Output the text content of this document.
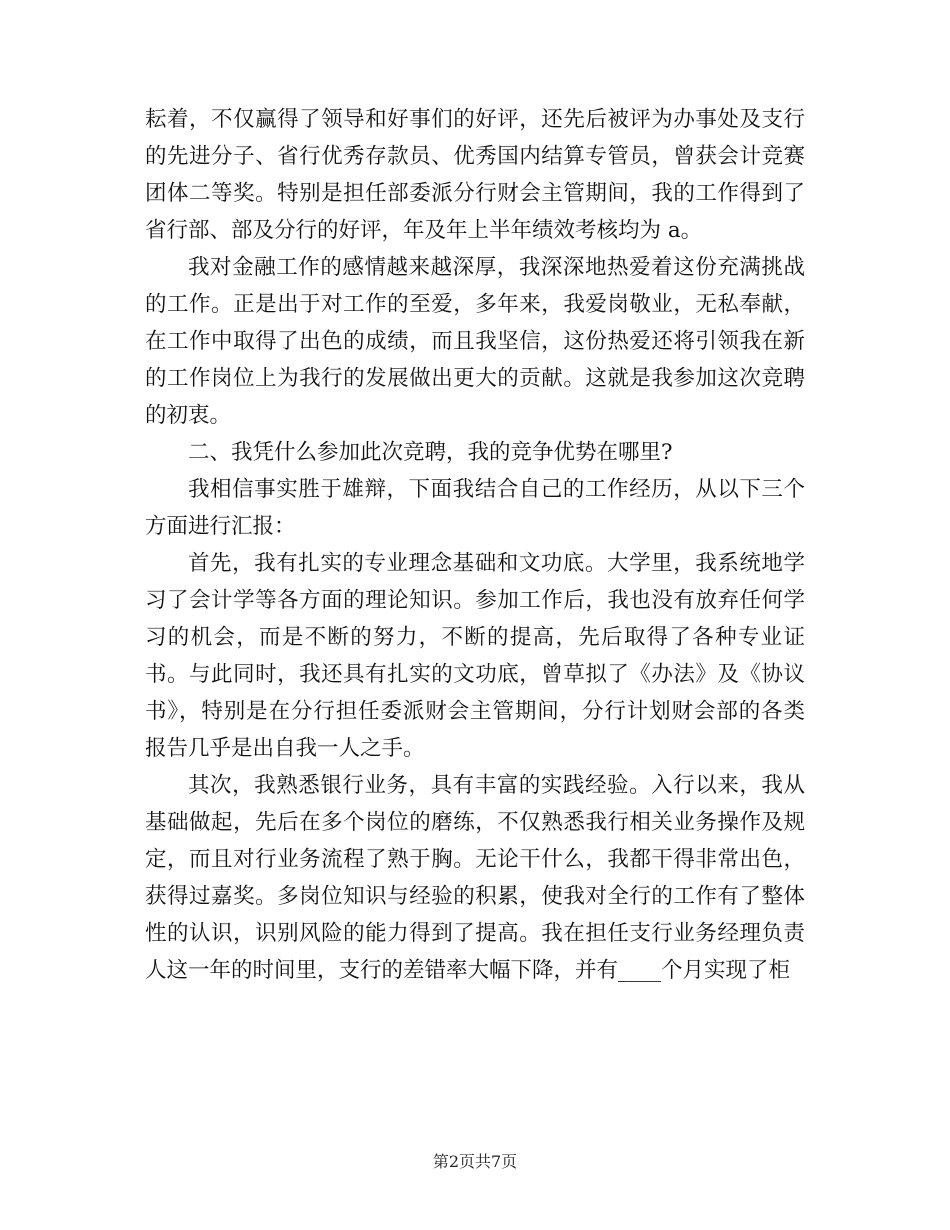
耘着，不仅赢得了领导和好事们的好评，还先后被评为办事处及支行
的先进分子、省行优秀存款员、优秀国内结算专管员，曾获会计竞赛
团体二等奖。特别是担任部委派分行财会主管期间，我的工作得到了
省行部、部及分行的好评，年及年上半年绩效考核均为 a。
我对金融工作的感情越来越深厚，我深深地热爱着这份充满挑战
的工作。正是出于对工作的至爱，多年来，我爱岗敬业，无私奉献，
在工作中取得了出色的成绩，而且我坚信，这份热爱还将引领我在新
的工作岗位上为我行的发展做出更大的贡献。这就是我参加这次竞聘
的初衷。
二、我凭什么参加此次竞聘，我的竞争优势在哪里?
我相信事实胜于雄辩，下面我结合自己的工作经历，从以下三个
方面进行汇报：
首先，我有扎实的专业理念基础和文功底。大学里，我系统地学
习了会计学等各方面的理论知识。参加工作后，我也没有放弃任何学
习的机会，而是不断的努力，不断的提高，先后取得了各种专业证
书。与此同时，我还具有扎实的文功底，曾草拟了《办法》及《协议
书》，特别是在分行担任委派财会主管期间，分行计划财会部的各类
报告几乎是出自我一人之手。
其次，我熟悉银行业务，具有丰富的实践经验。入行以来，我从
基础做起，先后在多个岗位的磨练，不仅熟悉我行相关业务操作及规
定，而且对行业务流程了熟于胸。无论干什么，我都干得非常出色，
获得过嘉奖。多岗位知识与经验的积累，使我对全行的工作有了整体
性的认识，识别风险的能力得到了提高。我在担任支行业务经理负责
人这一年的时间里，支行的差错率大幅下降，并有____个月实现了柜
第2页共7页
